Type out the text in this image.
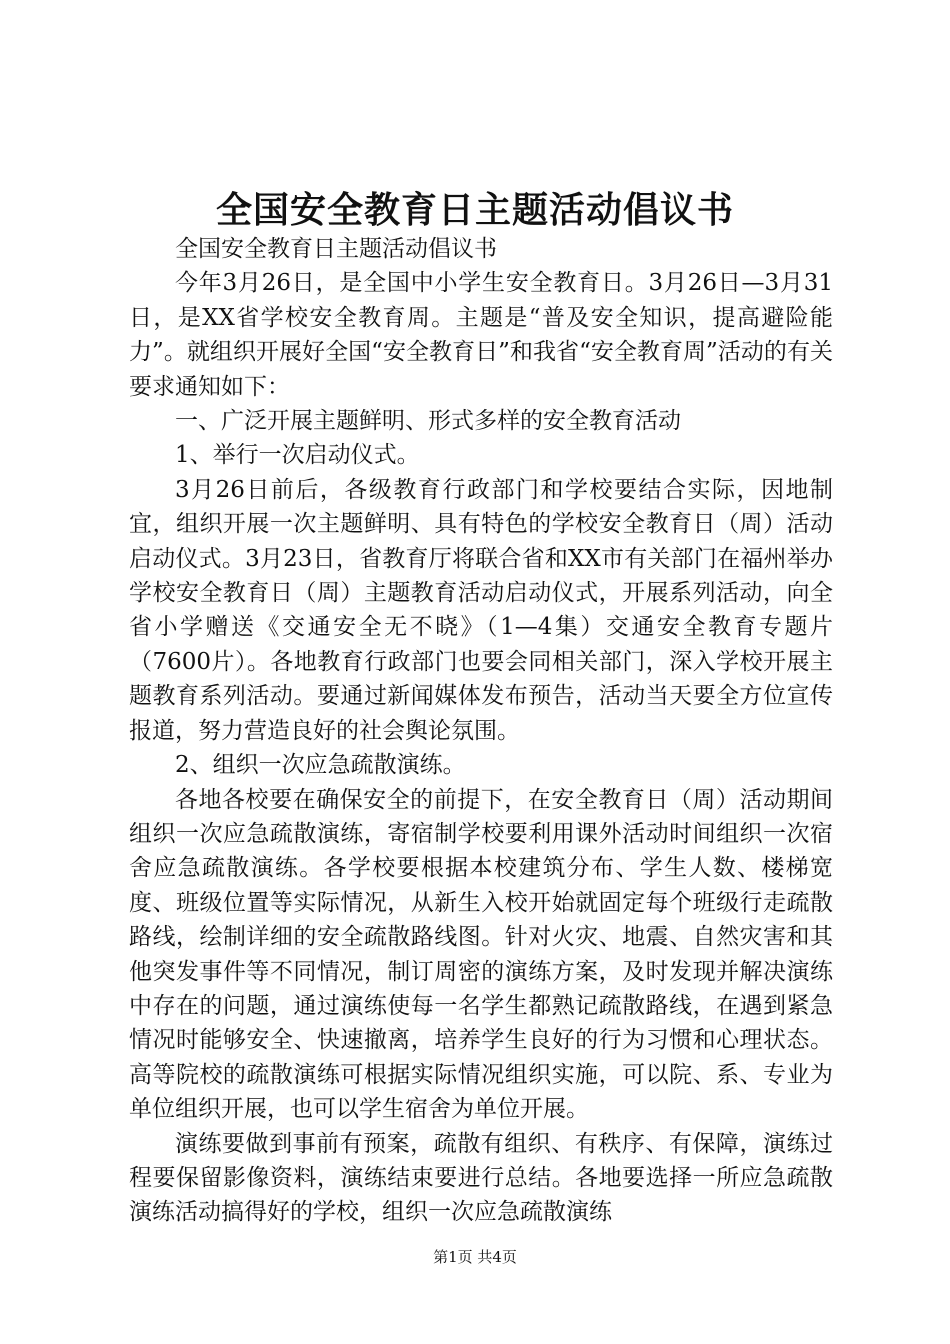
全国安全教育日主题活动倡议书

全国安全教育日主题活动倡议书

今年3月26日，是全国中小学生安全教育日。3月26日—3月31日，是XX省学校安全教育周。主题是“普及安全知识，提高避险能力”。就组织开展好全国“安全教育日”和我省“安全教育周”活动的有关要求通知如下：

一、广泛开展主题鲜明、形式多样的安全教育活动

1、举行一次启动仪式。

3月26日前后，各级教育行政部门和学校要结合实际，因地制宜，组织开展一次主题鲜明、具有特色的学校安全教育日（周）活动启动仪式。3月23日，省教育厅将联合省和XX市有关部门在福州举办学校安全教育日（周）主题教育活动启动仪式，开展系列活动，向全省小学赠送《交通安全无不晓》（1—4集）交通安全教育专题片（7600片）。各地教育行政部门也要会同相关部门，深入学校开展主题教育系列活动。要通过新闻媒体发布预告，活动当天要全方位宣传报道，努力营造良好的社会舆论氛围。

2、组织一次应急疏散演练。

各地各校要在确保安全的前提下，在安全教育日（周）活动期间组织一次应急疏散演练，寄宿制学校要利用课外活动时间组织一次宿舍应急疏散演练。各学校要根据本校建筑分布、学生人数、楼梯宽度、班级位置等实际情况，从新生入校开始就固定每个班级行走疏散路线，绘制详细的安全疏散路线图。针对火灾、地震、自然灾害和其他突发事件等不同情况，制订周密的演练方案，及时发现并解决演练中存在的问题，通过演练使每一名学生都熟记疏散路线，在遇到紧急情况时能够安全、快速撤离，培养学生良好的行为习惯和心理状态。高等院校的疏散演练可根据实际情况组织实施，可以院、系、专业为单位组织开展，也可以学生宿舍为单位开展。

演练要做到事前有预案，疏散有组织、有秩序、有保障，演练过程要保留影像资料，演练结束要进行总结。各地要选择一所应急疏散演练活动搞得好的学校，组织一次应急疏散演练

第1页 共4页
